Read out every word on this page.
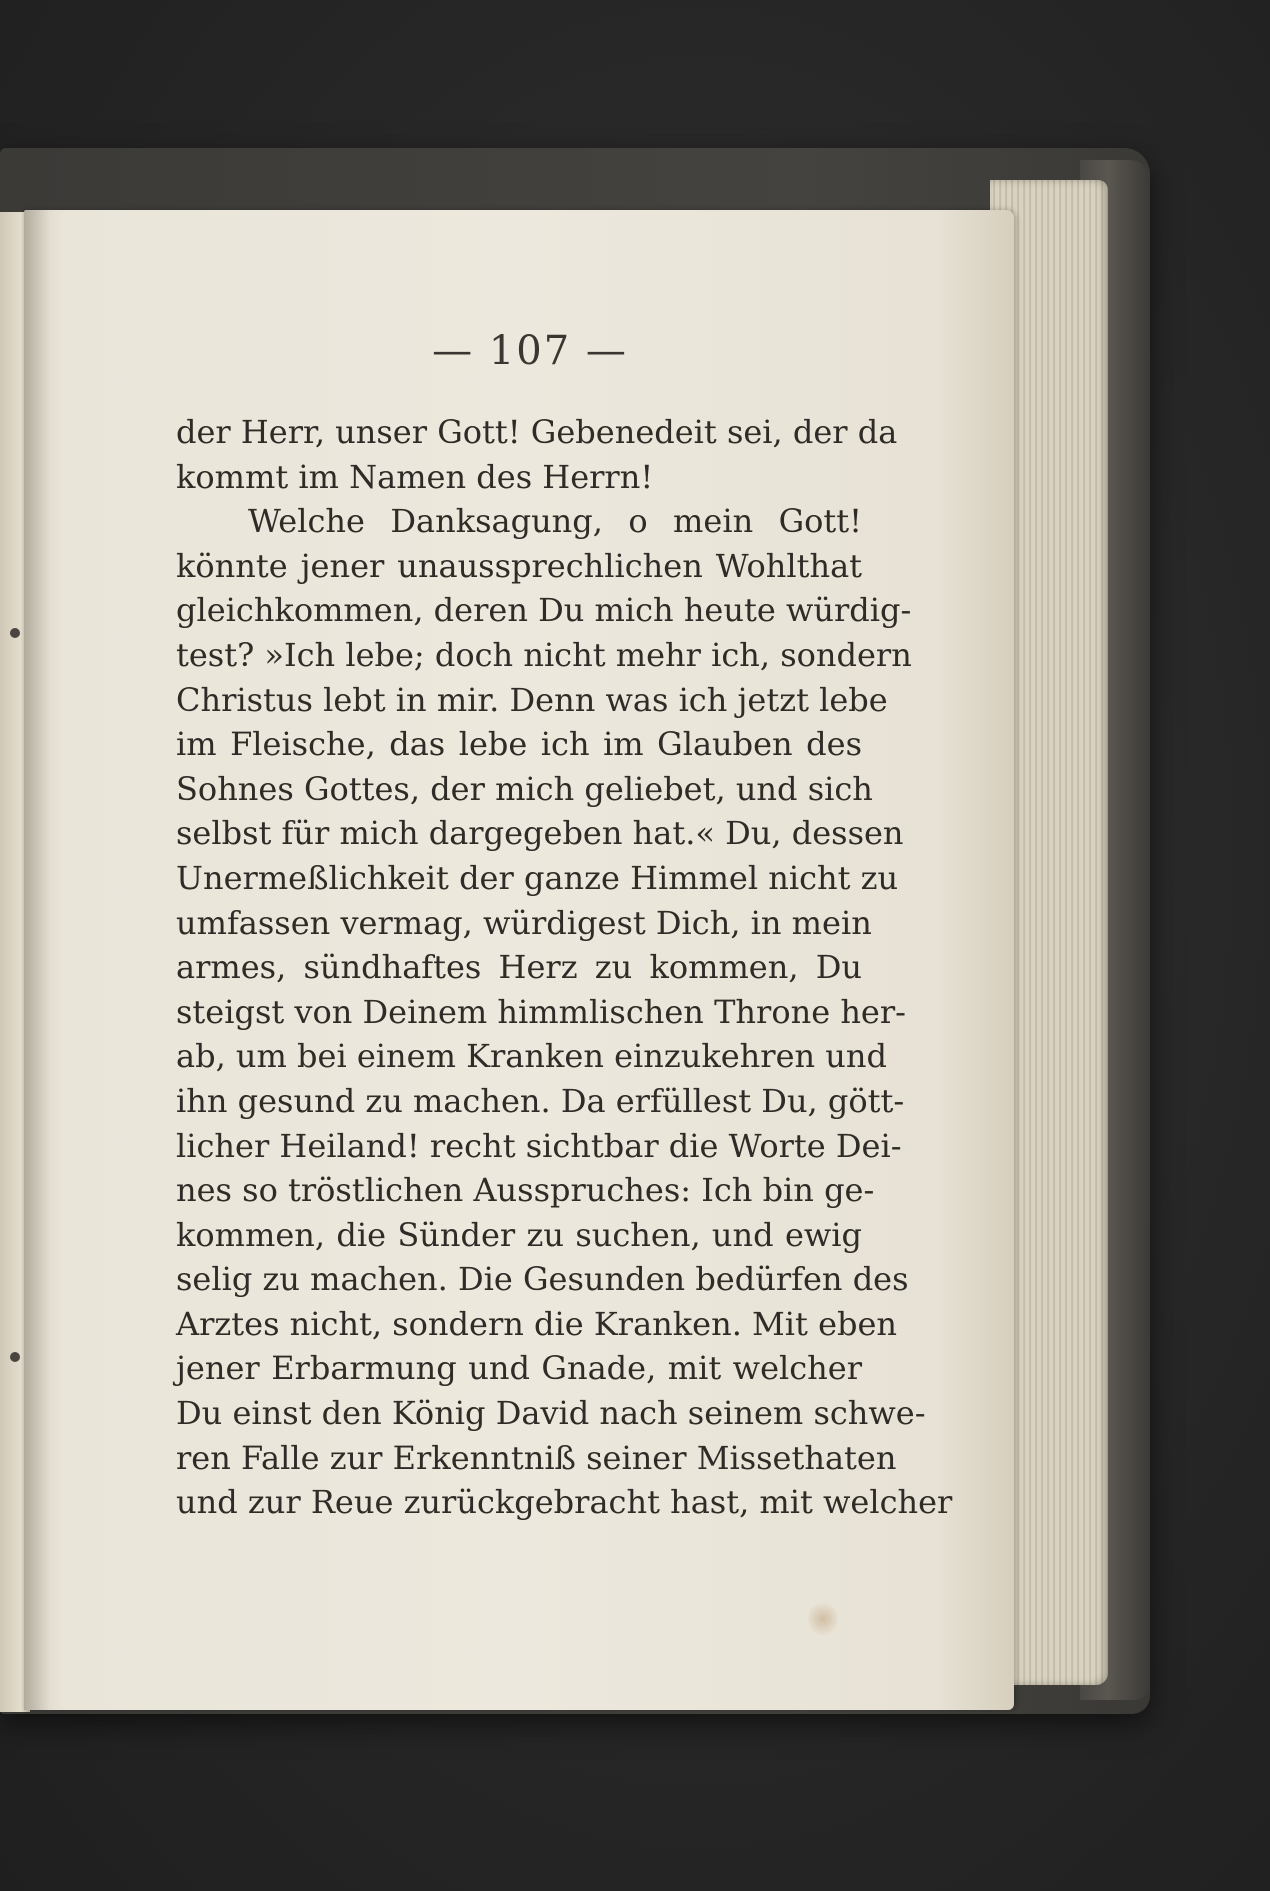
— 107 —
der Herr, unser Gott! Gebenedeit sei, der da
kommt im Namen des Herrn!
Welche Danksagung, o mein Gott!
könnte jener unaussprechlichen Wohlthat
gleichkommen, deren Du mich heute würdig-
test? »Ich lebe; doch nicht mehr ich, sondern
Christus lebt in mir. Denn was ich jetzt lebe
im Fleische, das lebe ich im Glauben des
Sohnes Gottes, der mich geliebet, und sich
selbst für mich dargegeben hat.« Du, dessen
Unermeßlichkeit der ganze Himmel nicht zu
umfassen vermag, würdigest Dich, in mein
armes, sündhaftes Herz zu kommen, Du
steigst von Deinem himmlischen Throne her-
ab, um bei einem Kranken einzukehren und
ihn gesund zu machen. Da erfüllest Du, gött-
licher Heiland! recht sichtbar die Worte Dei-
nes so tröstlichen Ausspruches: Ich bin ge-
kommen, die Sünder zu suchen, und ewig
selig zu machen. Die Gesunden bedürfen des
Arztes nicht, sondern die Kranken. Mit eben
jener Erbarmung und Gnade, mit welcher
Du einst den König David nach seinem schwe-
ren Falle zur Erkenntniß seiner Missethaten
und zur Reue zurückgebracht hast, mit welcher
